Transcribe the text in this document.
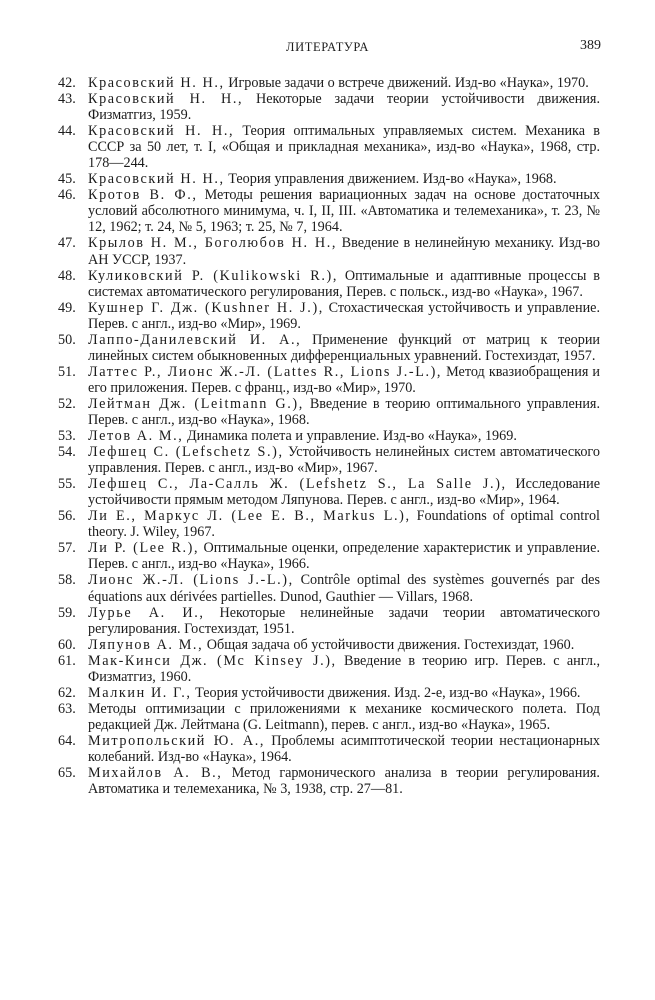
ЛИТЕРАТУРА	389
42. Красовский Н. Н., Игровые задачи о встрече движений. Изд-во «Наука», 1970.
43. Красовский Н. Н., Некоторые задачи теории устойчивости движения. Физматгиз, 1959.
44. Красовский Н. Н., Теория оптимальных управляемых систем. Механика в СССР за 50 лет, т. I, «Общая и прикладная механика», изд-во «Наука», 1968, стр. 178—244.
45. Красовский Н. Н., Теория управления движением. Изд-во «Наука», 1968.
46. Кротов В. Ф., Методы решения вариационных задач на основе достаточных условий абсолютного минимума, ч. I, II, III. «Автоматика и телемеханика», т. 23, № 12, 1962; т. 24, № 5, 1963; т. 25, № 7, 1964.
47. Крылов Н. М., Боголюбов Н. Н., Введение в нелинейную механику. Изд-во АН УССР, 1937.
48. Куликовский Р. (Kulikowski R.), Оптимальные и адаптивные процессы в системах автоматического регулирования, Перев. с польск., изд-во «Наука», 1967.
49. Кушнер Г. Дж. (Kushner H. J.), Стохастическая устойчивость и управление. Перев. с англ., изд-во «Мир», 1969.
50. Лаппо-Данилевский И. А., Применение функций от матриц к теории линейных систем обыкновенных дифференциальных уравнений. Гостехиздат, 1957.
51. Латтес Р., Лионс Ж.-Л. (Lattes R., Lions J.-L.), Метод квазиобращения и его приложения. Перев. с франц., изд-во «Мир», 1970.
52. Лейтман Дж. (Leitmann G.), Введение в теорию оптимального управления. Перев. с англ., изд-во «Наука», 1968.
53. Летов А. М., Динамика полета и управление. Изд-во «Наука», 1969.
54. Лефшец С. (Lefschetz S.), Устойчивость нелинейных систем автоматического управления. Перев. с англ., изд-во «Мир», 1967.
55. Лефшец С., Ла-Салль Ж. (Lefshetz S., La Salle J.), Исследование устойчивости прямым методом Ляпунова. Перев. с англ., изд-во «Мир», 1964.
56. Ли Е., Маркус Л. (Lee E. B., Markus L.), Foundations of optimal control theory. J. Wiley, 1967.
57. Ли Р. (Lee R.), Оптимальные оценки, определение характеристик и управление. Перев. с англ., изд-во «Наука», 1966.
58. Лионс Ж.-Л. (Lions J.-L.), Contrôle optimal des systèmes gouvernés par des équations aux dérivées partielles. Dunod, Gauthier — Villars, 1968.
59. Лурье А. И., Некоторые нелинейные задачи теории автоматического регулирования. Гостехиздат, 1951.
60. Ляпунов А. М., Общая задача об устойчивости движения. Гостехиздат, 1960.
61. Мак-Кинси Дж. (Mc Kinsey J.), Введение в теорию игр. Перев. с англ., Физматгиз, 1960.
62. Малкин И. Г., Теория устойчивости движения. Изд. 2-е, изд-во «Наука», 1966.
63. Методы оптимизации с приложениями к механике космического полета. Под редакцией Дж. Лейтмана (G. Leitmann), перев. с англ., изд-во «Наука», 1965.
64. Митропольский Ю. А., Проблемы асимптотической теории нестационарных колебаний. Изд-во «Наука», 1964.
65. Михайлов А. В., Метод гармонического анализа в теории регулирования. Автоматика и телемеханика, № 3, 1938, стр. 27—81.
